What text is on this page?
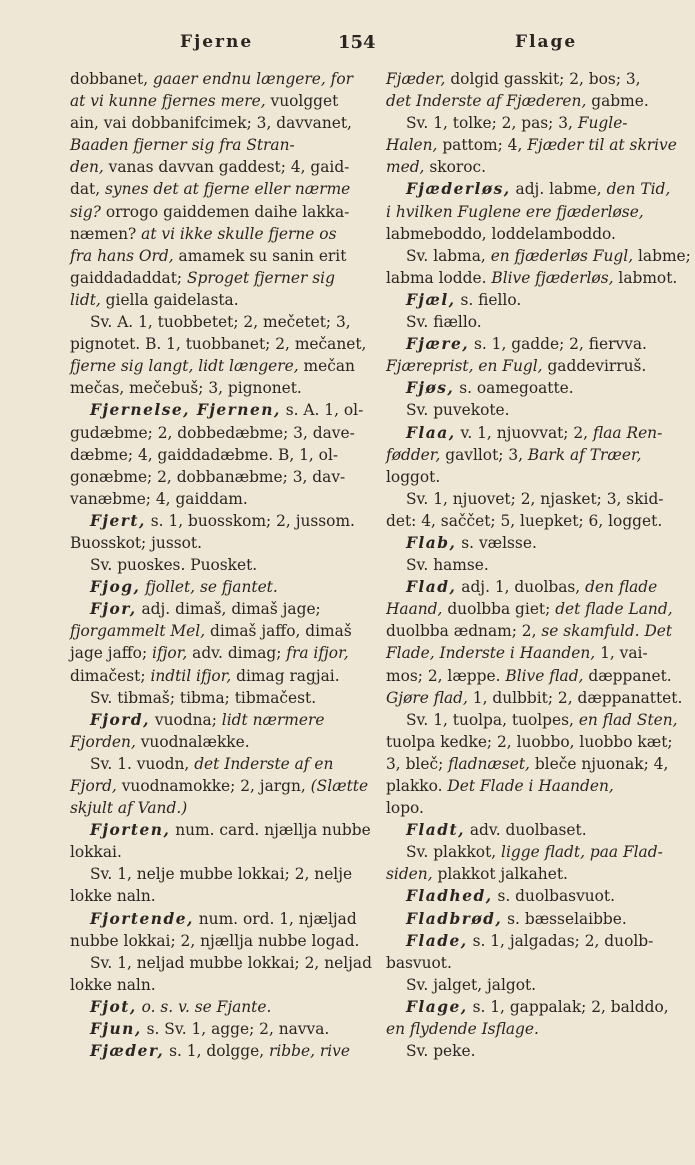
Fjerne	154	Flage
dobbanet, gaaer endnu længere, for
at vi kunne fjernes mere, vuolgget
ain, vai dobbanifcimek; 3, davvanet,
Baaden fjerner sig fra Stran-
den, vanas davvan gaddest; 4, gaid-
dat, synes det at fjerne eller nærme
sig? orrogo gaiddemen daihe lakka-
næmen? at vi ikke skulle fjerne os
fra hans Ord, amamek su sanin erit
gaiddadaddat; Sproget fjerner sig
lidt, giella gaidelasta.
Sv. A. 1, tuobbetet; 2, mečetet; 3,
pignotet. B. 1, tuobbanet; 2, mečanet,
fjerne sig langt, lidt længere, mečan
mečas, mečebuš; 3, pignonet.
Fjernelse, Fjernen, s. A. 1, ol-
gudæbme; 2, dobbedæbme; 3, dave-
dæbme; 4, gaiddadæbme. B, 1, ol-
gonæbme; 2, dobbanæbme; 3, dav-
vanæbme; 4, gaiddam.
Fjert, s. 1, buosskom; 2, jussom.
Buosskot; jussot.
Sv. puoskes. Puosket.
Fjog, fjollet, se fjantet.
Fjor, adj. dimaš, dimaš jage;
fjorgammelt Mel, dimaš jaffo, dimaš
jage jaffo; ifjor, adv. dimag; fra ifjor,
dimačest; indtil ifjor, dimag ragjai.
Sv. tibmaš; tibma; tibmačest.
Fjord, vuodna; lidt nærmere
Fjorden, vuodnalække.
Sv. 1. vuodn, det Inderste af en
Fjord, vuodnamokke; 2, jargn, (Slætte
skjult af Vand.)
Fjorten, num. card. njællja nubbe
lokkai.
Sv. 1, nelje mubbe lokkai; 2, nelje
lokke naln.
Fjortende, num. ord. 1, njæljad
nubbe lokkai; 2, njællja nubbe logad.
Sv. 1, neljad mubbe lokkai; 2, neljad
lokke naln.
Fjot, o. s. v. se Fjante.
Fjun, s. Sv. 1, agge; 2, navva.
Fjæder, s. 1, dolgge, ribbe, rive
Fjæder, dolgid gasskit; 2, bos; 3,
det Inderste af Fjæderen, gabme.
Sv. 1, tolke; 2, pas; 3, Fugle-
Halen, pattom; 4, Fjæder til at skrive
med, skoroc.
Fjæderløs, adj. labme, den Tid,
i hvilken Fuglene ere fjæderløse,
labmeboddo, loddelamboddo.
Sv. labma, en fjæderløs Fugl, labme;
labma lodde. Blive fjæderløs, labmot.
Fjæl, s. fiello.
Sv. fiællo.
Fjære, s. 1, gadde; 2, fiervva.
Fjæreprist, en Fugl, gaddevirruš.
Fjøs, s. oamegoatte.
Sv. puvekote.
Flaa, v. 1, njuovvat; 2, flaa Ren-
fødder, gavllot; 3, Bark af Træer,
loggot.
Sv. 1, njuovet; 2, njasket; 3, skid-
det: 4, saččet; 5, luepket; 6, logget.
Flab, s. vælsse.
Sv. hamse.
Flad, adj. 1, duolbas, den flade
Haand, duolbba giet; det flade Land,
duolbba ædnam; 2, se skamfuld. Det
Flade, Inderste i Haanden, 1, vai-
mos; 2, læppe. Blive flad, dæppanet.
Gjøre flad, 1, dulbbit; 2, dæppanattet.
Sv. 1, tuolpa, tuolpes, en flad Sten,
tuolpa kedke; 2, luobbo, luobbo kæt;
3, bleč; fladnæset, bleče njuonak; 4,
plakko. Det Flade i Haanden,
lopo.
Fladt, adv. duolbaset.
Sv. plakkot, ligge fladt, paa Flad-
siden, plakkot jalkahet.
Fladhed, s. duolbasvuot.
Fladbrød, s. bæsselaibbe.
Flade, s. 1, jalgadas; 2, duolb-
basvuot.
Sv. jalget, jalgot.
Flage, s. 1, gappalak; 2, balddo,
en flydende Isflage.
Sv. peke.
